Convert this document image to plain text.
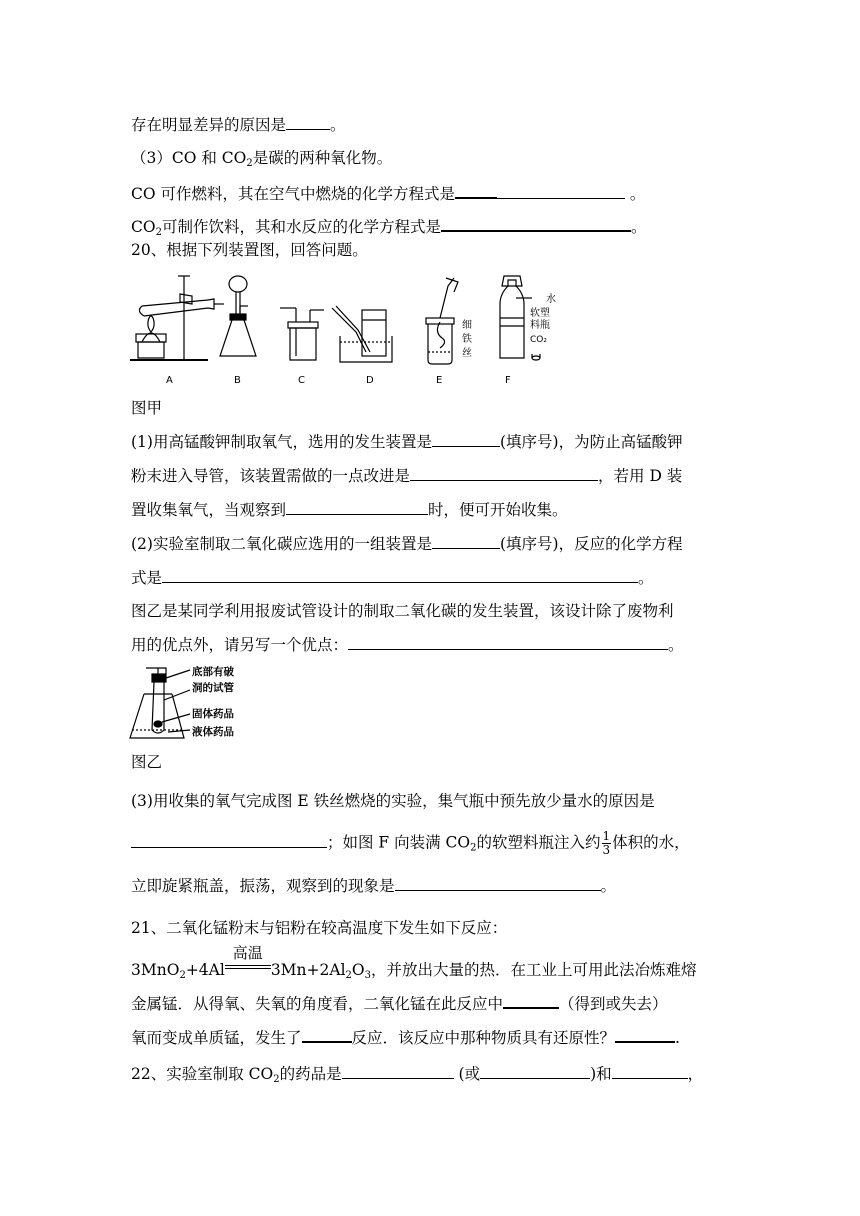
存在明显差异的原因是	。
（3）CO 和 $CO_2$是碳的两种氧化物。
CO 可作燃料，其在空气中燃烧的化学方程式是	。
$CO_2$可制作饮料，其和水反应的化学方程式是	。
20、根据下列装置图，回答问题。
A	B	C	D	E	F
细
铁
丝
水
软塑
料瓶
CO₂
图甲
(1)用高锰酸钾制取氧气，选用的发生装置是	(填序号)，为防止高锰酸钾
粉末进入导管，该装置需做的一点改进是	，若用 D 装
置收集氧气，当观察到	时，便可开始收集。
(2)实验室制取二氧化碳应选用的一组装置是	(填序号)，反应的化学方程
式是	。
图乙是某同学利用报废试管设计的制取二氧化碳的发生装置，该设计除了废物利
用的优点外，请另写一个优点：	。
底部有破
洞的试管
固体药品
液体药品
图乙
(3)用收集的氧气完成图 E 铁丝燃烧的实验，集气瓶中预先放少量水的原因是
；如图 F 向装满 $CO_2$的软塑料瓶注入约 $\frac{1}{3}$ 体积的水，
立即旋紧瓶盖，振荡，观察到的现象是	。
21、二氧化锰粉末与铝粉在较高温度下发生如下反应：
3MnO$_2$+4Al
高温
$3Mn+2Al_2O_3$，并放出大量的热．在工业上可用此法冶炼难熔
金属锰．从得氧、失氧的角度看，二氧化锰在此反应中	（得到或失去）
氧而变成单质锰，发生了	反应．该反应中那种物质具有还原性？	.
22、实验室制取 $CO_2$的药品是	(或	)和	，
